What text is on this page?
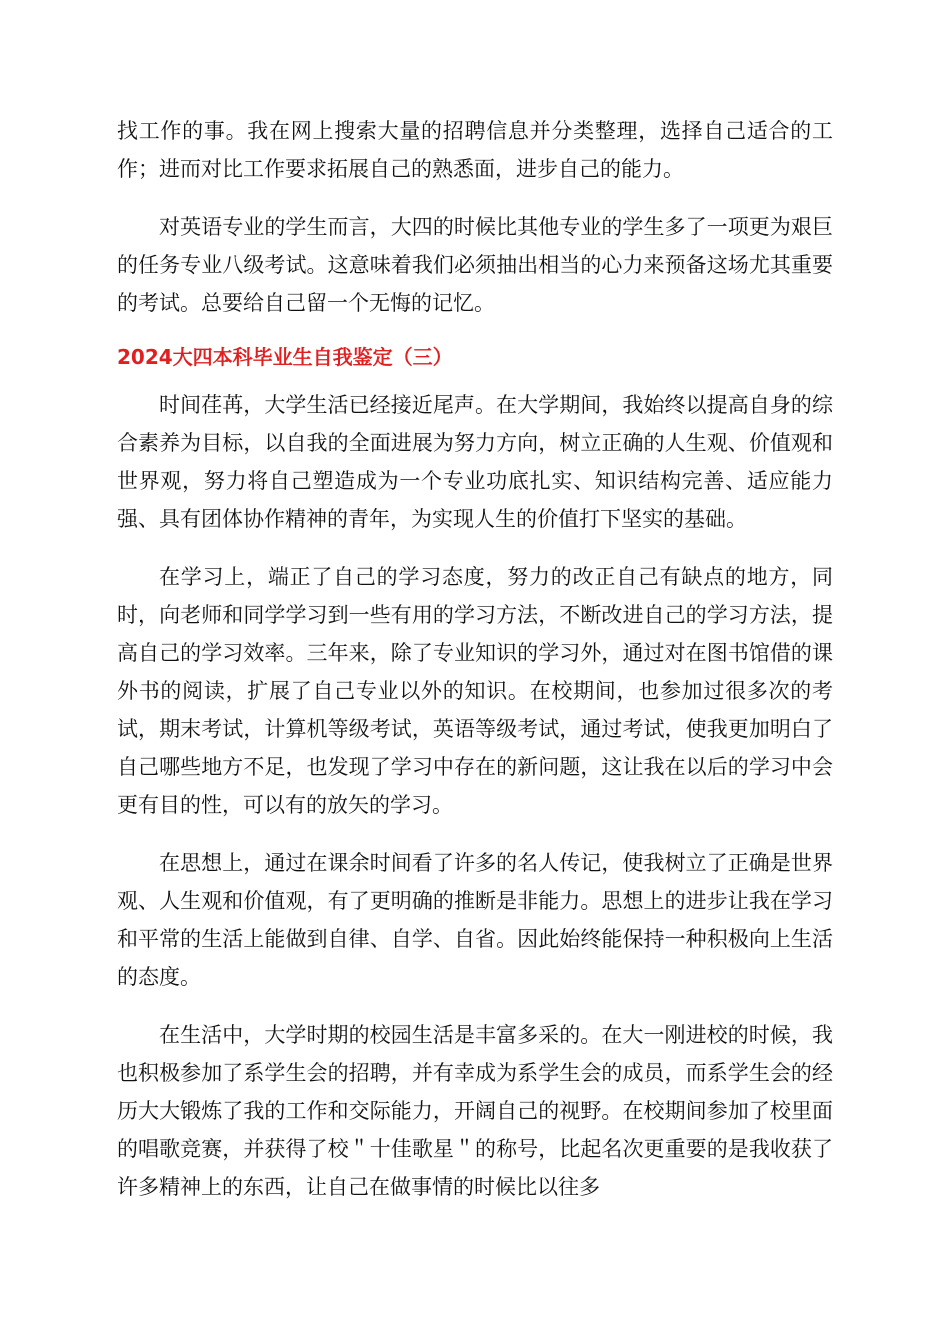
找工作的事。我在网上搜索大量的招聘信息并分类整理，选择自己适合的工作；进而对比工作要求拓展自己的熟悉面，进步自己的能力。

对英语专业的学生而言，大四的时候比其他专业的学生多了一项更为艰巨的任务专业八级考试。这意味着我们必须抽出相当的心力来预备这场尤其重要的考试。总要给自己留一个无悔的记忆。

2024大四本科毕业生自我鉴定（三）

时间荏苒，大学生活已经接近尾声。在大学期间，我始终以提高自身的综合素养为目标，以自我的全面进展为努力方向，树立正确的人生观、价值观和世界观，努力将自己塑造成为一个专业功底扎实、知识结构完善、适应能力强、具有团体协作精神的青年，为实现人生的价值打下坚实的基础。

在学习上，端正了自己的学习态度，努力的改正自己有缺点的地方，同时，向老师和同学学习到一些有用的学习方法，不断改进自己的学习方法，提高自己的学习效率。三年来，除了专业知识的学习外，通过对在图书馆借的课外书的阅读，扩展了自己专业以外的知识。在校期间，也参加过很多次的考试，期末考试，计算机等级考试，英语等级考试，通过考试，使我更加明白了自己哪些地方不足，也发现了学习中存在的新问题，这让我在以后的学习中会更有目的性，可以有的放矢的学习。

在思想上，通过在课余时间看了许多的名人传记，使我树立了正确是世界观、人生观和价值观，有了更明确的推断是非能力。思想上的进步让我在学习和平常的生活上能做到自律、自学、自省。因此始终能保持一种积极向上生活的态度。

在生活中，大学时期的校园生活是丰富多采的。在大一刚进校的时候，我也积极参加了系学生会的招聘，并有幸成为系学生会的成员，而系学生会的经历大大锻炼了我的工作和交际能力，开阔自己的视野。在校期间参加了校里面的唱歌竞赛，并获得了校＂十佳歌星＂的称号，比起名次更重要的是我收获了许多精神上的东西，让自己在做事情的时候比以往多
